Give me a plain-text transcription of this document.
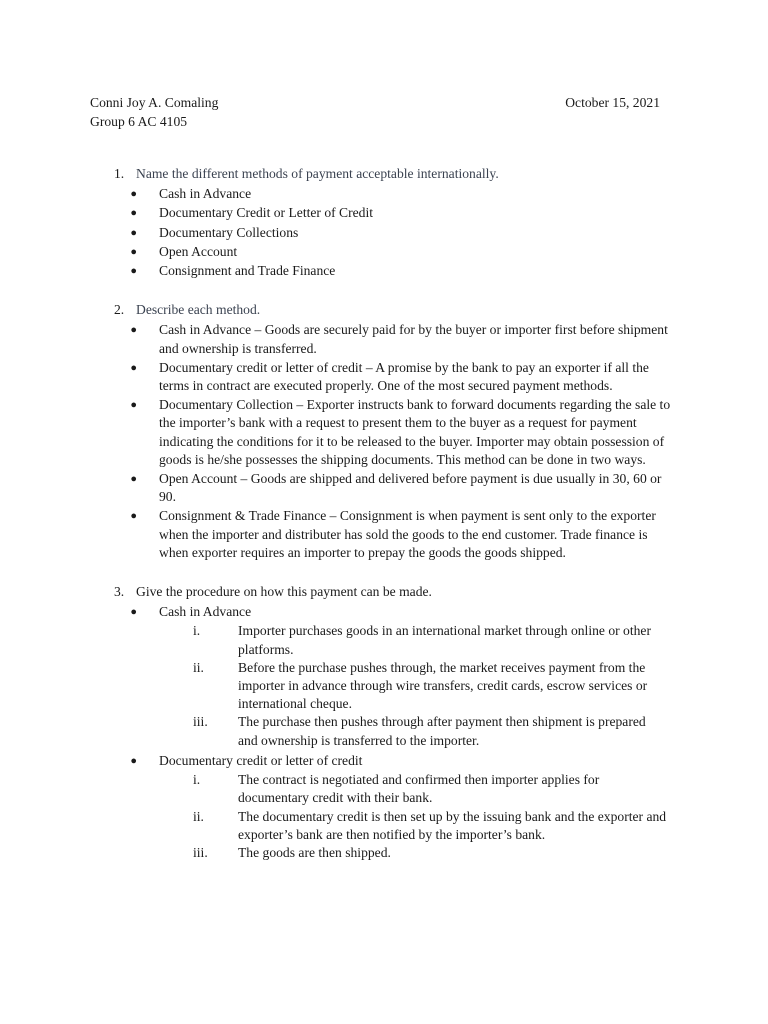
Conni Joy A. Comaling	October 15, 2021
Group 6 AC 4105
1. Name the different methods of payment acceptable internationally.
●	Cash in Advance
●	Documentary Credit or Letter of Credit
●	Documentary Collections
●	Open Account
●	Consignment and Trade Finance
2. Describe each method.
●	Cash in Advance – Goods are securely paid for by the buyer or importer first before shipment and ownership is transferred.
●	Documentary credit or letter of credit – A promise by the bank to pay an exporter if all the terms in contract are executed properly. One of the most secured payment methods.
●	Documentary Collection – Exporter instructs bank to forward documents regarding the sale to the importer’s bank with a request to present them to the buyer as a request for payment indicating the conditions for it to be released to the buyer. Importer may obtain possession of goods is he/she possesses the shipping documents. This method can be done in two ways.
●	Open Account – Goods are shipped and delivered before payment is due usually in 30, 60 or 90.
●	Consignment & Trade Finance – Consignment is when payment is sent only to the exporter when the importer and distributer has sold the goods to the end customer. Trade finance is when exporter requires an importer to prepay the goods the goods shipped.
3. Give the procedure on how this payment can be made.
●	Cash in Advance
i.	Importer purchases goods in an international market through online or other platforms.
ii.	Before the purchase pushes through, the market receives payment from the importer in advance through wire transfers, credit cards, escrow services or international cheque.
iii.	The purchase then pushes through after payment then shipment is prepared and ownership is transferred to the importer.
●	Documentary credit or letter of credit
i.	The contract is negotiated and confirmed then importer applies for documentary credit with their bank.
ii.	The documentary credit is then set up by the issuing bank and the exporter and exporter’s bank are then notified by the importer’s bank.
iii.	The goods are then shipped.
